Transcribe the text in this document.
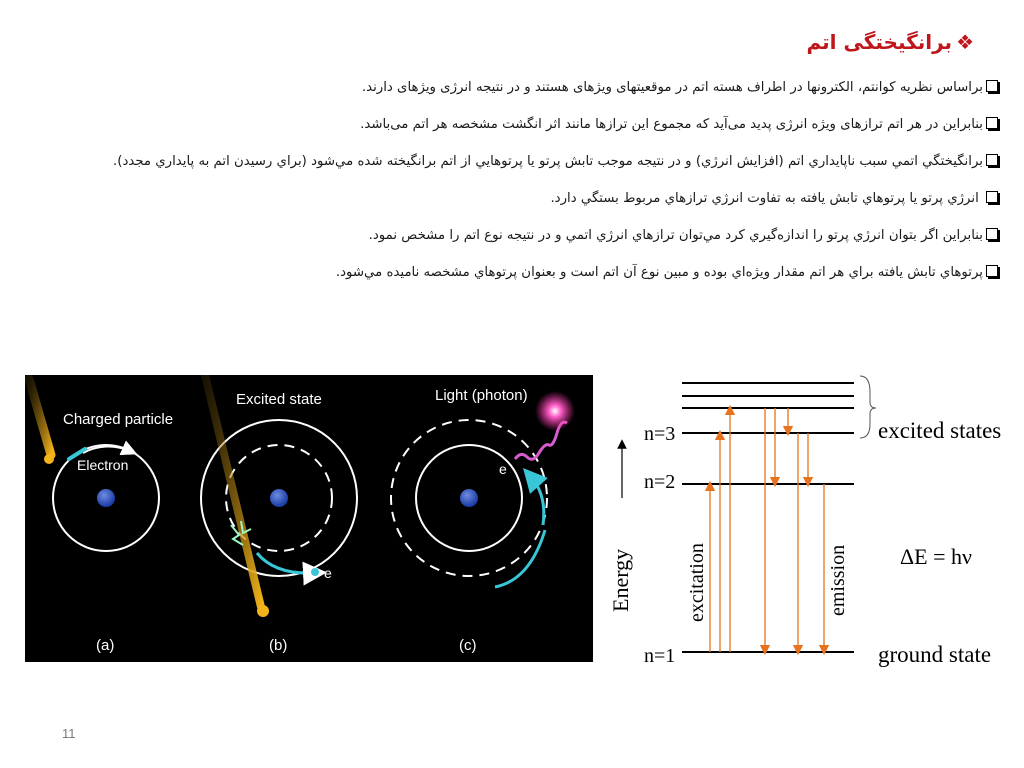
❖برانگیختگی اتم
براساس نظريه کوانتم، الکترونها در اطراف هسته اتم در موقعيتهای ويژهای هستند و در نتيجه انرژی ويژهای دارند.
بنابراین در هر اتم ترازهای ویژه انرژی پدید می‌آید که مجموع این ترازها مانند اثر انگشت مشخصه هر اتم می‌باشد.
برانگيختگي اتمي سبب ناپايداري اتم (افزايش انرژي) و در نتيجه موجب تابش پرتو يا پرتوهايي از اتم برانگيخته شده مي‌شود (براي رسيدن اتم به پايداري مجدد).
انرژي پرتو يا پرتوهاي تابش يافته به تفاوت انرژي ترازهاي مربوط بستگي دارد.
بنابراین اگر بتوان انرژي پرتو را اندازه‌گيري کرد مي‌توان ترازهاي انرژي اتمي و در نتيجه نوع اتم را مشخص نمود.
پرتوهاي تابش يافته براي هر اتم مقدار ويژه‌اي بوده و مبين نوع آن اتم است و بعنوان پرتوهاي مشخصه ناميده مي‌شود.
Charged particle
Electron
(a)
Excited state
e
(b)
Light (photon)
e
(c)
n=3
n=2
n=1
excited states
ground state
ΔE = hν
Energy	excitation	emission
11
